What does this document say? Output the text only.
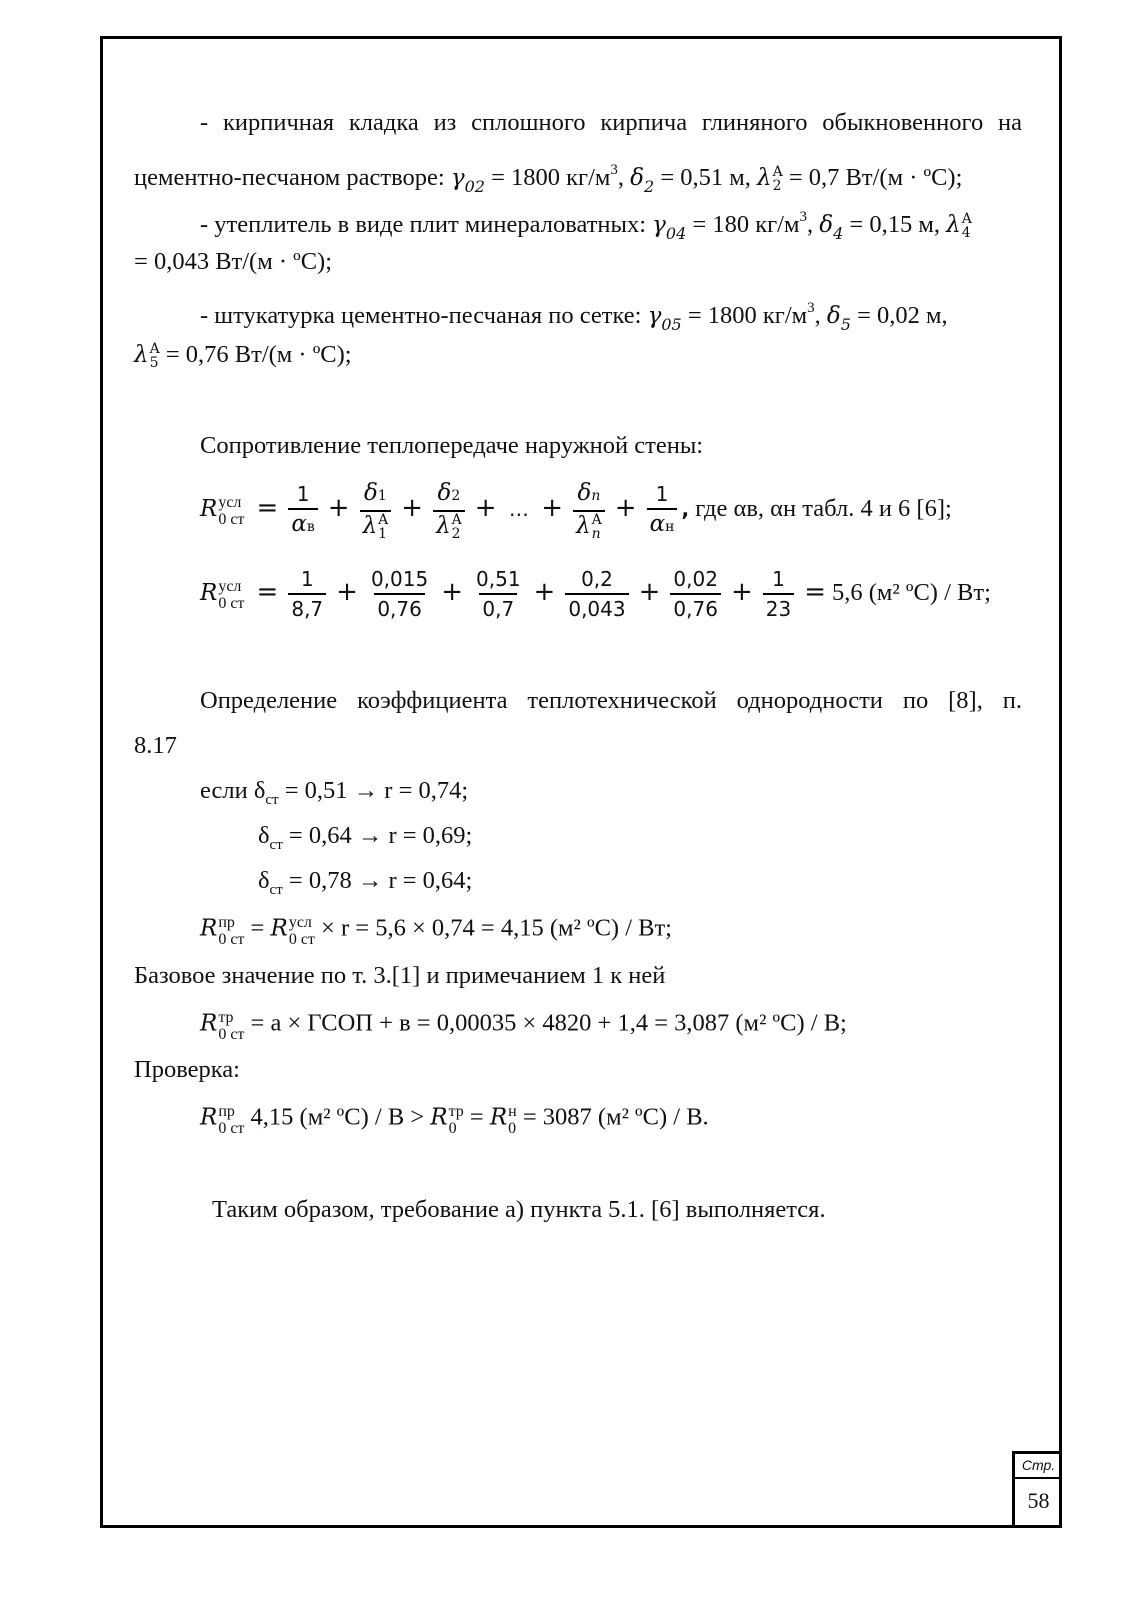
- кирпичная кладка из сплошного кирпича глиняного обыкновенного на
цементно-песчаном растворе: $\gamma_{02} = 1800$ $кг/м^3$, $\delta_2 = 0,51$ м, λ A
2 = 0,7 Вт/(м · ºС);
- утеплитель в виде плит минераловатных: $\gamma_{04} = 180$ $кг/м^3$, $\delta_4 = 0,15$ м, λ A
4
= 0,043 Вт/(м · ºС);
- штукатурка цементно-песчаная по сетке: $\gamma_{05} = 1800$ $кг/м^3$, $\delta_5 = 0,02$ м,
λ A
5 = 0,76 Вт/(м · ºС);
Сопротивление теплопередаче наружной стены:
R усл
0 ст = $\frac{1}{\alpha в} + \delta 1$
λ A
1 + δ2
λ A
2 + … + δn
λ A
$n + \frac{1}{\alpha н}$ , где αв, αн табл. 4 и 6 [6];
R усл
0 ст = $\frac{1}{8,7} + \frac{0,015}{0,76} + \frac{0,51}{0,7} + \frac{0,2}{0,043} + \frac{0,02}{0,76} + \frac{1}{23} = 5,6$ (м² ºС) / Вт;
Определение коэффициента теплотехнической однородности по [8], п.
8.17
если $\delta_{ст} = 0,51 \to r = 0,74$;
$\delta_{ст} = 0,64 \to r = 0,69$;
$\delta_{ст} = 0,78 \to r = 0,64$;
R пр
0 ст = R усл
0 ст × r = 5,6 × 0,74 = 4,15 (м² ºС) / Вт;
Базовое значение по т. 3.[1] и примечанием 1 к ней
R тр
0 ст = а × ГСОП + в = 0,00035 × 4820 + 1,4 = 3,087 (м² ºС) / В;
Проверка:
R пр
0 ст 4,15 (м² ºС) / В > R тр
0 = R н
0 = 3087 (м² ºС) / В.
Таким образом, требование а) пункта 5.1. [6] выполняется.
Стр.
58
